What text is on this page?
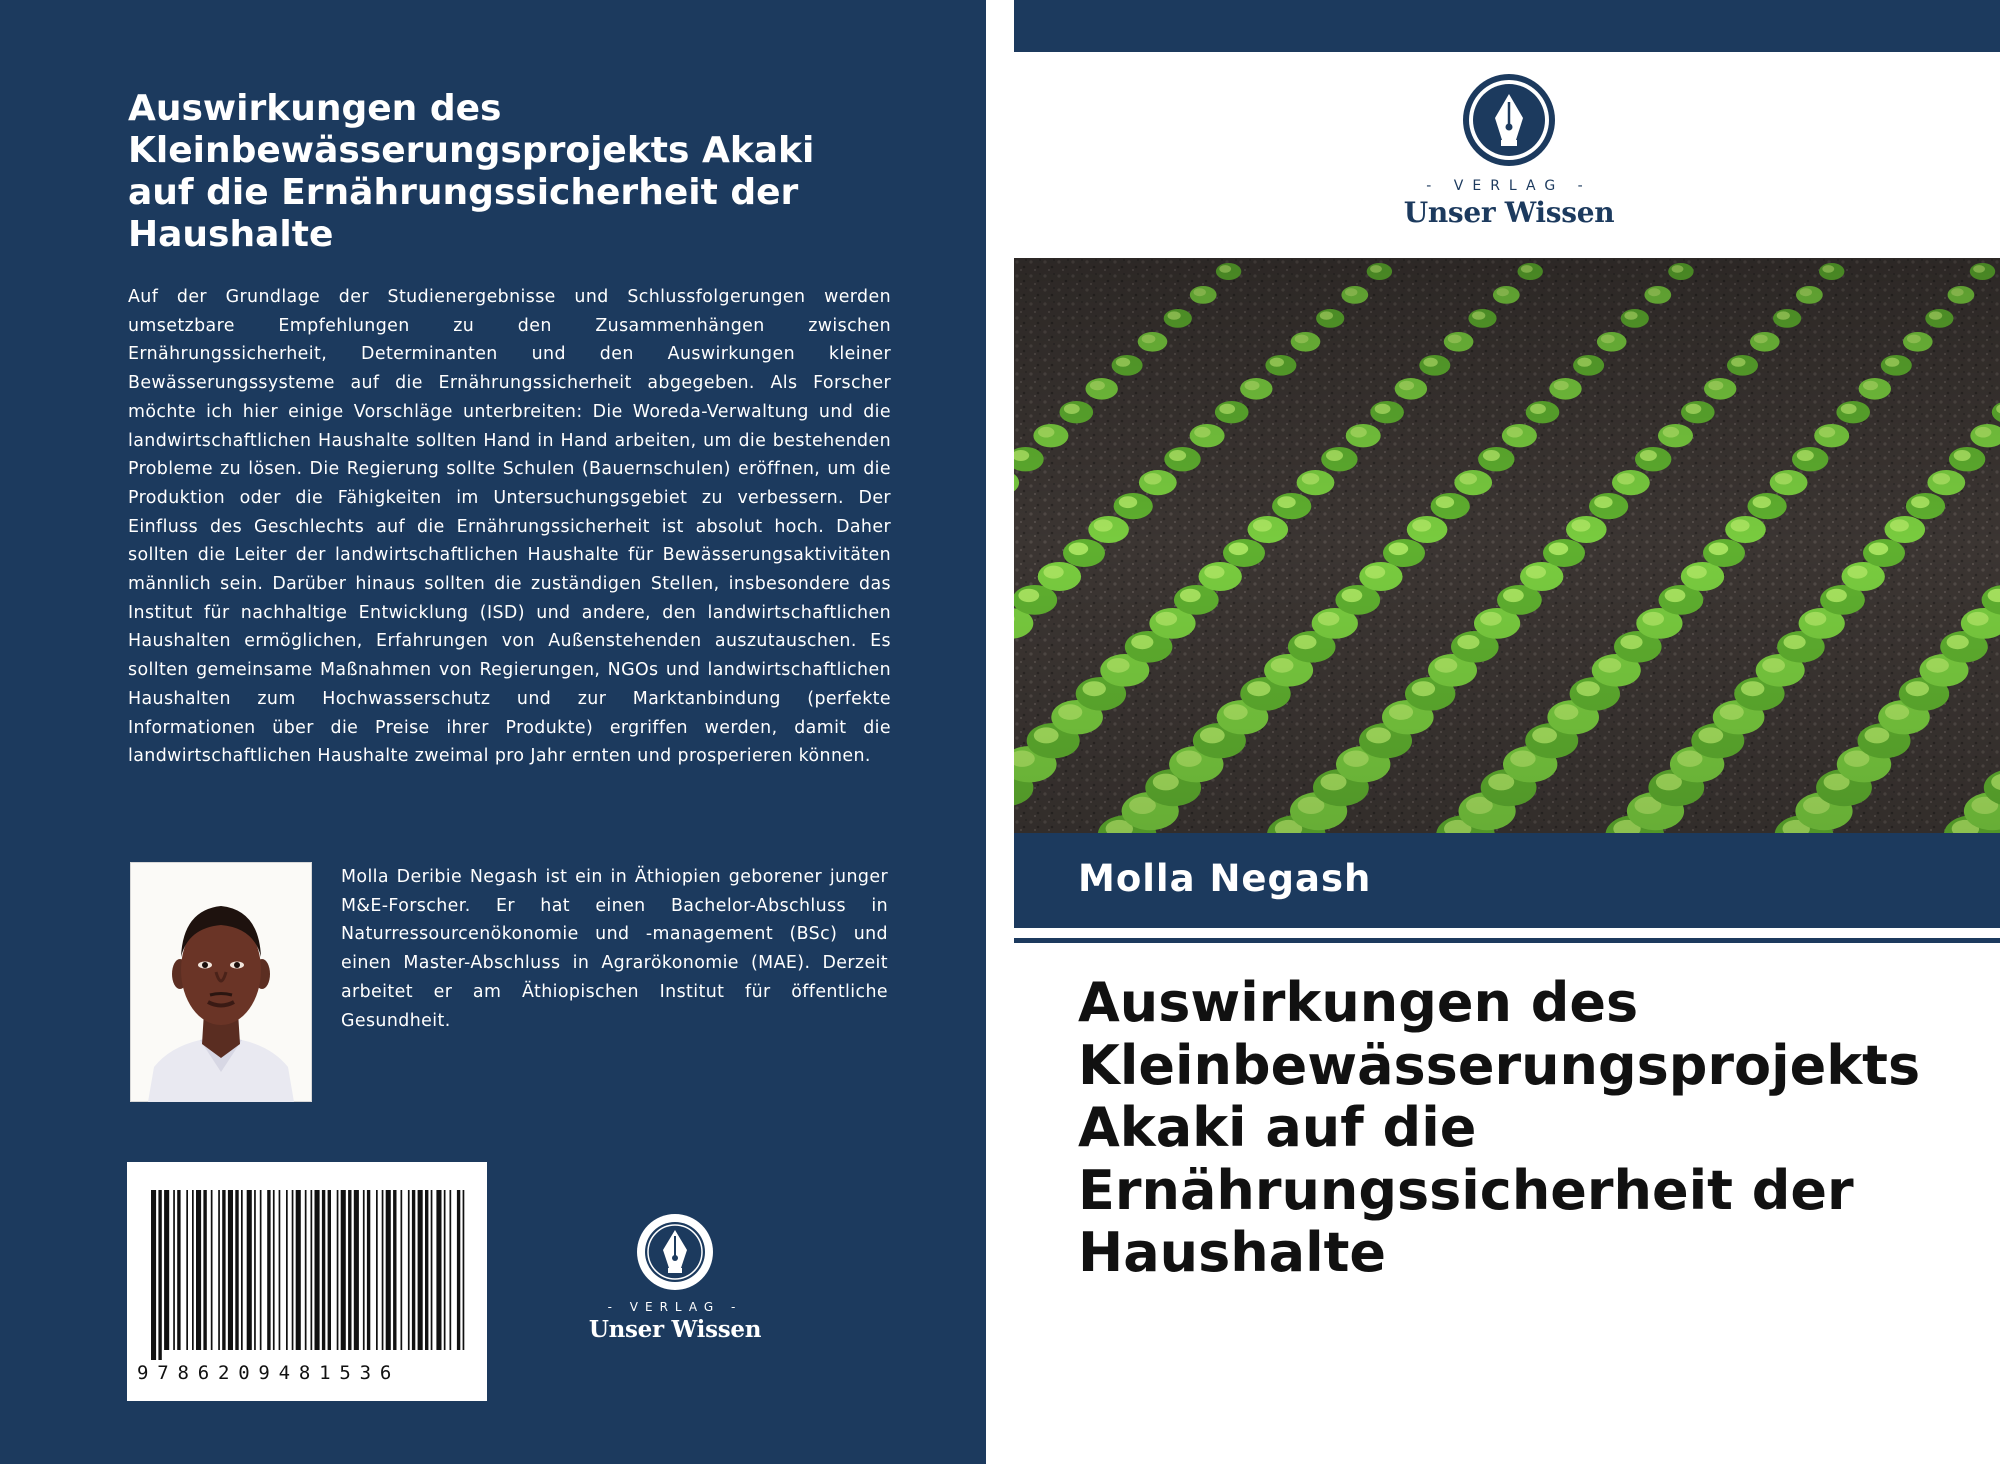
Auswirkungen des Kleinbewässerungsprojekts Akaki auf die Ernährungssicherheit der Haushalte

Auf der Grundlage der Studienergebnisse und Schlussfolgerungen werden umsetzbare Empfehlungen zu den Zusammenhängen zwischen Ernährungssicherheit, Determinanten und den Auswirkungen kleiner Bewässerungssysteme auf die Ernährungssicherheit abgegeben. Als Forscher möchte ich hier einige Vorschläge unterbreiten: Die Woreda-Verwaltung und die landwirtschaftlichen Haushalte sollten Hand in Hand arbeiten, um die bestehenden Probleme zu lösen. Die Regierung sollte Schulen (Bauernschulen) eröffnen, um die Produktion oder die Fähigkeiten im Untersuchungsgebiet zu verbessern. Der Einfluss des Geschlechts auf die Ernährungssicherheit ist absolut hoch. Daher sollten die Leiter der landwirtschaftlichen Haushalte für Bewässerungsaktivitäten männlich sein. Darüber hinaus sollten die zuständigen Stellen, insbesondere das Institut für nachhaltige Entwicklung (ISD) und andere, den landwirtschaftlichen Haushalten ermöglichen, Erfahrungen von Außenstehenden auszutauschen. Es sollten gemeinsame Maßnahmen von Regierungen, NGOs und landwirtschaftlichen Haushalten zum Hochwasserschutz und zur Marktanbindung (perfekte Informationen über die Preise ihrer Produkte) ergriffen werden, damit die landwirtschaftlichen Haushalte zweimal pro Jahr ernten und prosperieren können.

Molla Deribie Negash ist ein in Äthiopien geborener junger M&E-Forscher. Er hat einen Bachelor-Abschluss in Naturressourcenökonomie und -management (BSc) und einen Master-Abschluss in Agrarökonomie (MAE). Derzeit arbeitet er am Äthiopischen Institut für öffentliche Gesundheit.

9786209481536
- VERLAG -
Unser Wissen
- VERLAG -
Unser Wissen
Molla Negash
Auswirkungen des Kleinbewässerungsprojekts Akaki auf die Ernährungssicherheit der Haushalte
